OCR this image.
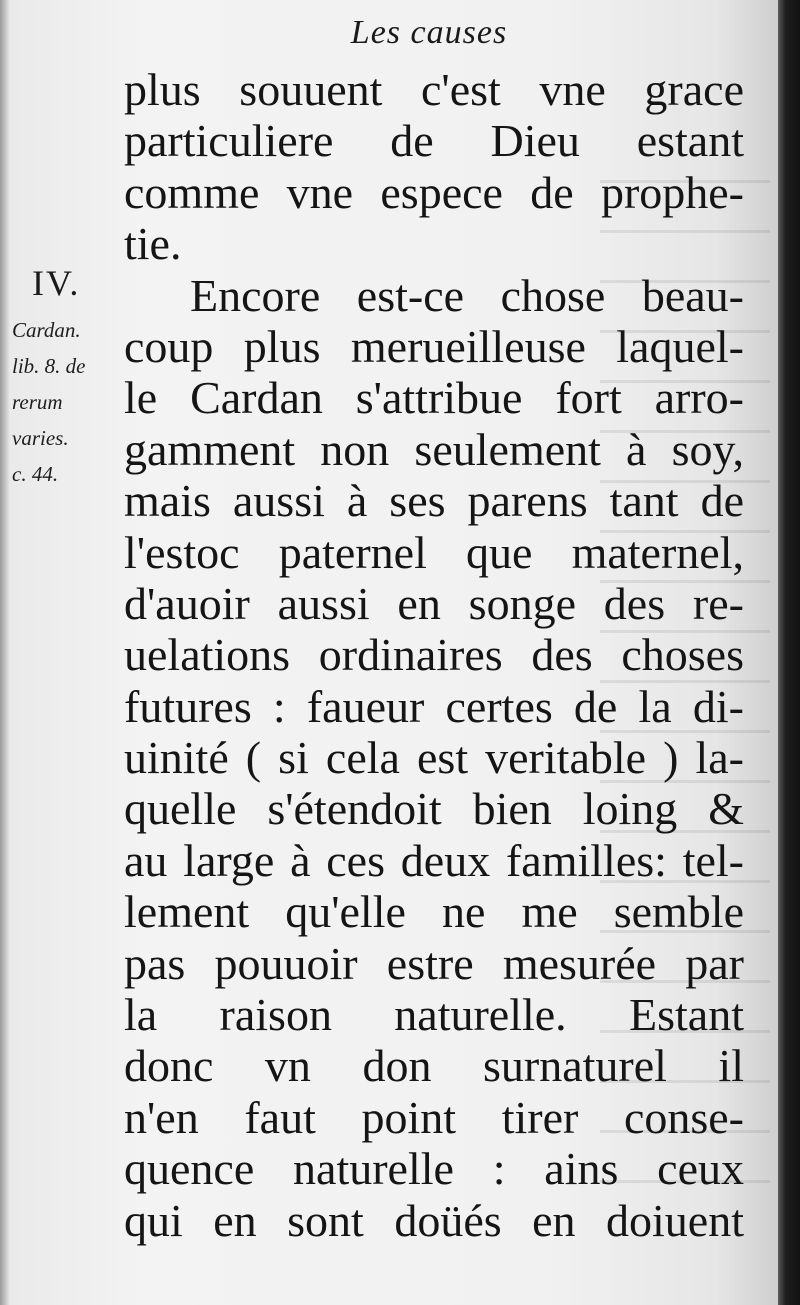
Les causes
IV.
Cardan.
lib. 8. de
rerum
varies.
c. 44.
plus souuent c'est vne grace
particuliere de Dieu estant
comme vne espece de prophe-
tie.
Encore est-ce chose beau-
coup plus merueilleuse laquel-
le Cardan s'attribue fort arro-
gamment non seulement à soy,
mais aussi à ses parens tant de
l'estoc paternel que maternel,
d'auoir aussi en songe des re-
uelations ordinaires des choses
futures : faueur certes de la di-
uinité ( si cela est veritable ) la-
quelle s'étendoit bien loing &
au large à ces deux familles: tel-
lement qu'elle ne me semble
pas pouuoir estre mesurée par
la raison naturelle. Estant
donc vn don surnaturel il
n'en faut point tirer conse-
quence naturelle : ains ceux
qui en sont doüés en doiuent
